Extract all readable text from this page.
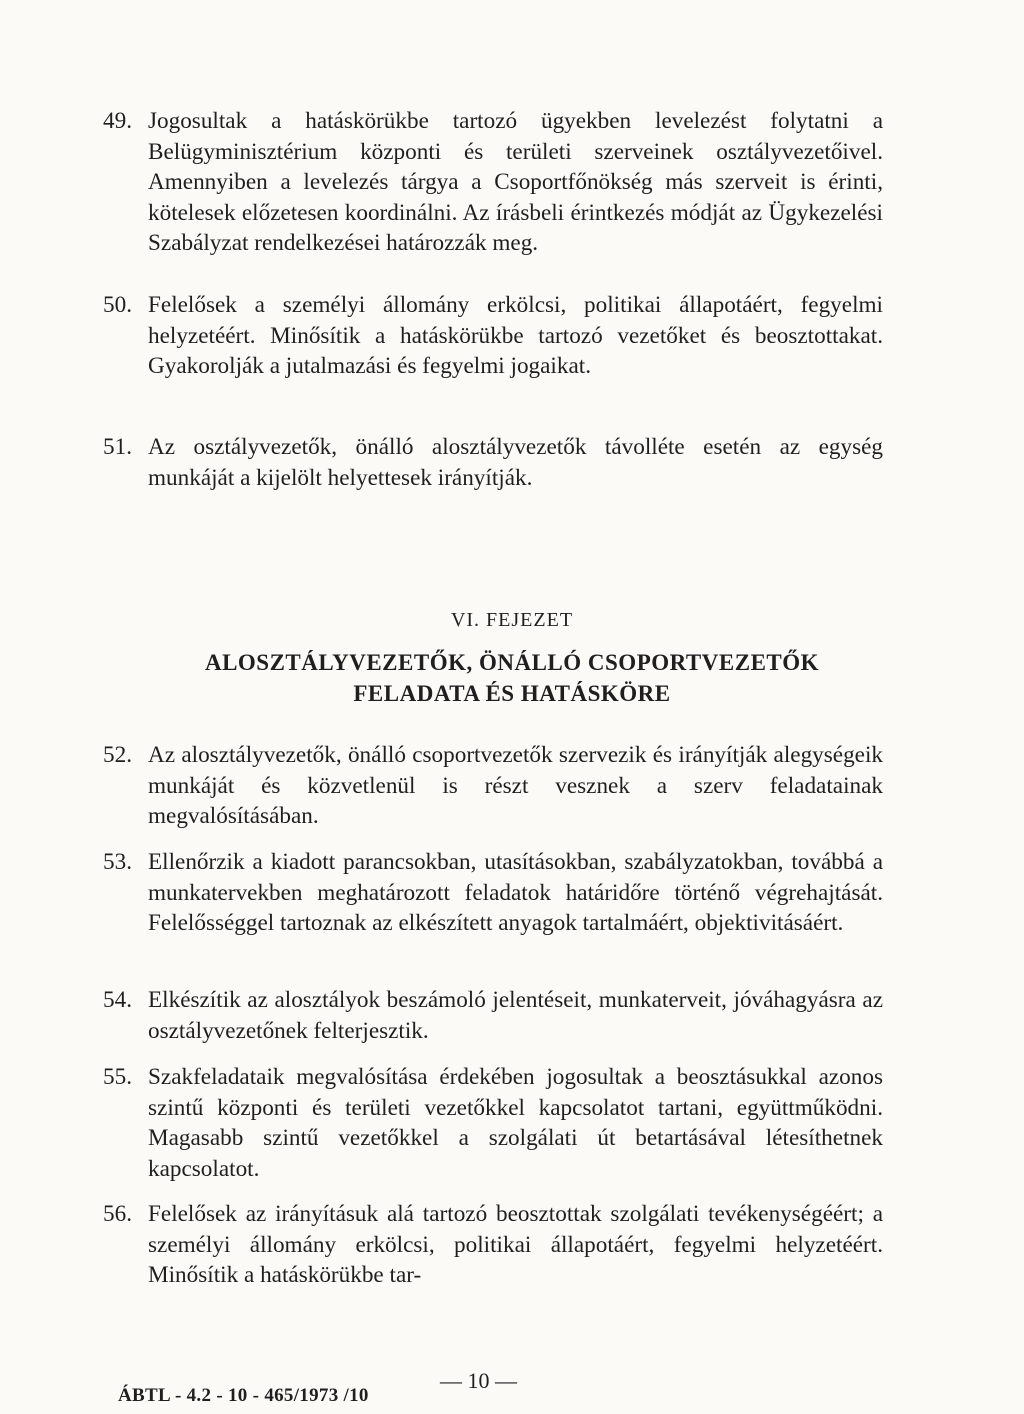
49. Jogosultak a hatáskörükbe tartozó ügyekben levelezést folytatni a Belügyminisztérium központi és területi szerveinek osztályvezetőivel. Amennyiben a levelezés tárgya a Csoportfőnökség más szerveit is érinti, kötelesek előzetesen koordinálni. Az írásbeli érintkezés módját az Ügykezelési Szabályzat rendelkezései határozzák meg.
50. Felelősek a személyi állomány erkölcsi, politikai állapotáért, fegyelmi helyzetéért. Minősítik a hatáskörükbe tartozó vezetőket és beosztottakat. Gyakorolják a jutalmazási és fegyelmi jogaikat.
51. Az osztályvezetők, önálló alosztályvezetők távolléte esetén az egység munkáját a kijelölt helyettesek irányítják.
VI. FEJEZET
ALOSZTÁLYVEZETŐK, ÖNÁLLÓ CSOPORTVEZETŐK
FELADATA ÉS HATÁSKÖRE
52. Az alosztályvezetők, önálló csoportvezetők szervezik és irányítják alegységeik munkáját és közvetlenül is részt vesznek a szerv feladatainak megvalósításában.
53. Ellenőrzik a kiadott parancsokban, utasításokban, szabályzatokban, továbbá a munkatervekben meghatározott feladatok határidőre történő végrehajtását. Felelősséggel tartoznak az elkészített anyagok tartalmáért, objektivitásáért.
54. Elkészítik az alosztályok beszámoló jelentéseit, munkaterveit, jóváhagyásra az osztályvezetőnek felterjesztik.
55. Szakfeladataik megvalósítása érdekében jogosultak a beosztásukkal azonos szintű központi és területi vezetőkkel kapcsolatot tartani, együttműködni. Magasabb szintű vezetőkkel a szolgálati út betartásával létesíthetnek kapcsolatot.
56. Felelősek az irányításuk alá tartozó beosztottak szolgálati tevékenységéért; a személyi állomány erkölcsi, politikai állapotáért, fegyelmi helyzetéért. Minősítik a hatáskörükbe tar-
— 10 —
ÁBTL - 4.2 - 10 - 465/1973 /10
